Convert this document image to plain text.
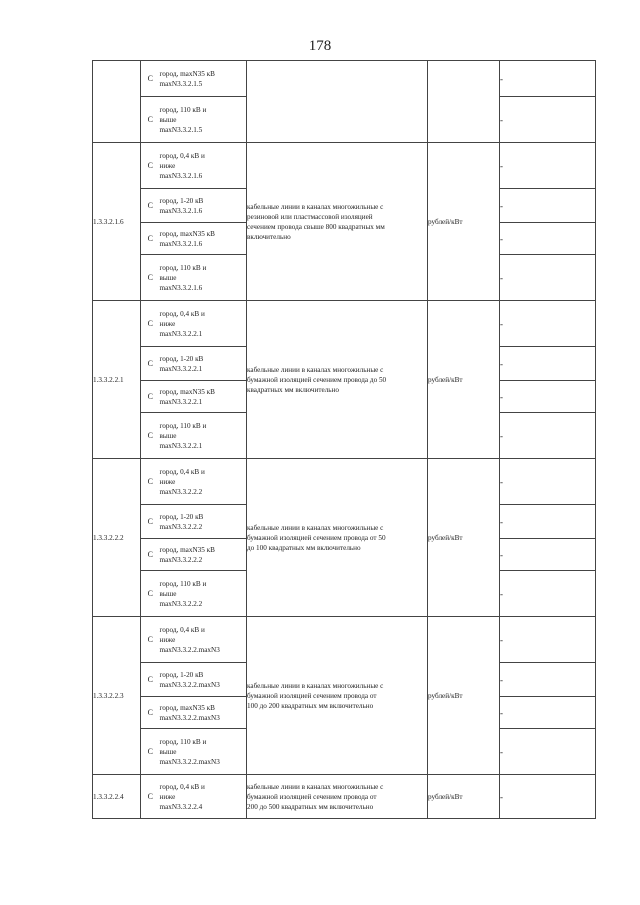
178
	С	город, maxN35 кВ
maxN3.3.2.1.5			-
	С	город, 110 кВ и
выше
maxN3.3.2.1.5			-
1.3.3.2.1.6	С	город, 0,4 кВ и
ниже
maxN3.3.2.1.6	кабельные линии в каналах многожильные с
резиновой или пластмассовой изоляцией
сечением провода свыше 800 квадратных мм
включительно	рублей/кВт	-
	С	город, 1-20 кВ
maxN3.3.2.1.6			-
	С	город, maxN35 кВ
maxN3.3.2.1.6			-
	С	город, 110 кВ и
выше
maxN3.3.2.1.6			-
1.3.3.2.2.1	С	город, 0,4 кВ и
ниже
maxN3.3.2.2.1	кабельные линии в каналах многожильные с
бумажной изоляцией сечением провода до 50
квадратных мм включительно	рублей/кВт	-
	С	город, 1-20 кВ
maxN3.3.2.2.1			-
	С	город, maxN35 кВ
maxN3.3.2.2.1			-
	С	город, 110 кВ и
выше
maxN3.3.2.2.1			-
1.3.3.2.2.2	С	город, 0,4 кВ и
ниже
maxN3.3.2.2.2	кабельные линии в каналах многожильные с
бумажной изоляцией сечением провода от 50
до 100 квадратных мм включительно	рублей/кВт	-
	С	город, 1-20 кВ
maxN3.3.2.2.2			-
	С	город, maxN35 кВ
maxN3.3.2.2.2			-
	С	город, 110 кВ и
выше
maxN3.3.2.2.2			-
1.3.3.2.2.3	С	город, 0,4 кВ и
ниже
maxN3.3.2.2.maxN3	кабельные линии в каналах многожильные с
бумажной изоляцией сечением провода от
100 до 200 квадратных мм включительно	рублей/кВт	-
	С	город, 1-20 кВ
maxN3.3.2.2.maxN3			-
	С	город, maxN35 кВ
maxN3.3.2.2.maxN3			-
	С	город, 110 кВ и
выше
maxN3.3.2.2.maxN3			-
1.3.3.2.2.4	С	город, 0,4 кВ и
ниже
maxN3.3.2.2.4	кабельные линии в каналах многожильные с
бумажной изоляцией сечением провода от
200 до 500 квадратных мм включительно	рублей/кВт	-
